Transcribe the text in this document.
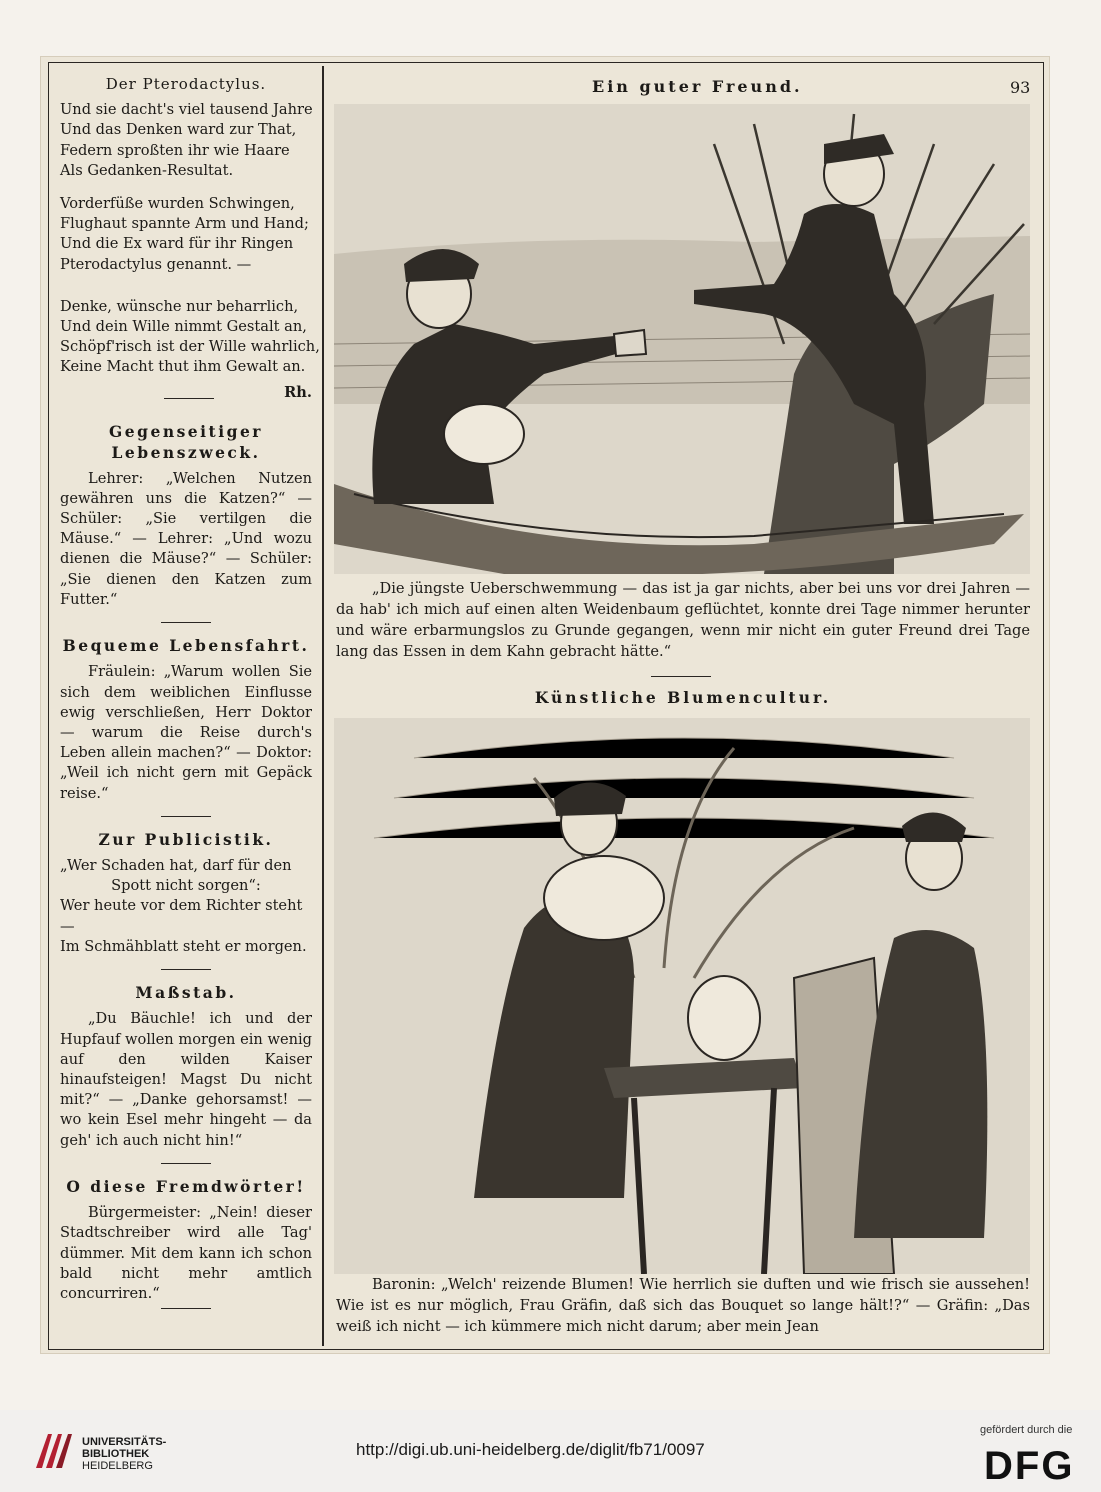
Der Pterodactylus.
Und sie dacht's viel tausend Jahre
Und das Denken ward zur That,
Federn sproßten ihr wie Haare
Als Gedanken-Resultat.
Vorderfüße wurden Schwingen,
Flughaut spannte Arm und Hand;
Und die Ex ward für ihr Ringen
Pterodactylus genannt. —
Denke, wünsche nur beharrlich,
Und dein Wille nimmt Gestalt an,
Schöpf'risch ist der Wille wahrlich,
Keine Macht thut ihm Gewalt an.
Rh.
Gegenseitiger Lebenszweck.
Lehrer: „Welchen Nutzen gewähren uns die Katzen?“ — Schüler: „Sie vertilgen die Mäuse.“ — Lehrer: „Und wozu dienen die Mäuse?“ — Schüler: „Sie dienen den Katzen zum Futter.“
Bequeme Lebensfahrt.
Fräulein: „Warum wollen Sie sich dem weiblichen Einflusse ewig verschließen, Herr Doktor — warum die Reise durch's Leben allein machen?“ — Doktor: „Weil ich nicht gern mit Gepäck reise.“
Zur Publicistik.
„Wer Schaden hat, darf für den
Spott nicht sorgen“:
Wer heute vor dem Richter steht —
Im Schmähblatt steht er morgen.
Maßstab.
„Du Bäuchle! ich und der Hupfauf wollen morgen ein wenig auf den wilden Kaiser hinaufsteigen! Magst Du nicht mit?“ — „Danke gehorsamst! — wo kein Esel mehr hingeht — da geh' ich auch nicht hin!“
O diese Fremdwörter!
Bürgermeister: „Nein! dieser Stadtschreiber wird alle Tag' dümmer. Mit dem kann ich schon bald nicht mehr amtlich concurriren.“
Ein guter Freund.	93
„Die jüngste Ueberschwemmung — das ist ja gar nichts, aber bei uns vor drei Jahren — da hab' ich mich auf einen alten Weidenbaum geflüchtet, konnte drei Tage nimmer herunter und wäre erbarmungslos zu Grunde gegangen, wenn mir nicht ein guter Freund drei Tage lang das Essen in dem Kahn gebracht hätte.“
Künstliche Blumencultur.
Baronin: „Welch' reizende Blumen! Wie herrlich sie duften und wie frisch sie aussehen! Wie ist es nur möglich, Frau Gräfin, daß sich das Bouquet so lange hält!?“ — Gräfin: „Das weiß ich nicht — ich kümmere mich nicht darum; aber mein Jean
UNIVERSITÄTS-
BIBLIOTHEK
HEIDELBERG
http://digi.ub.uni-heidelberg.de/diglit/fb71/0097
gefördert durch die
DFG
